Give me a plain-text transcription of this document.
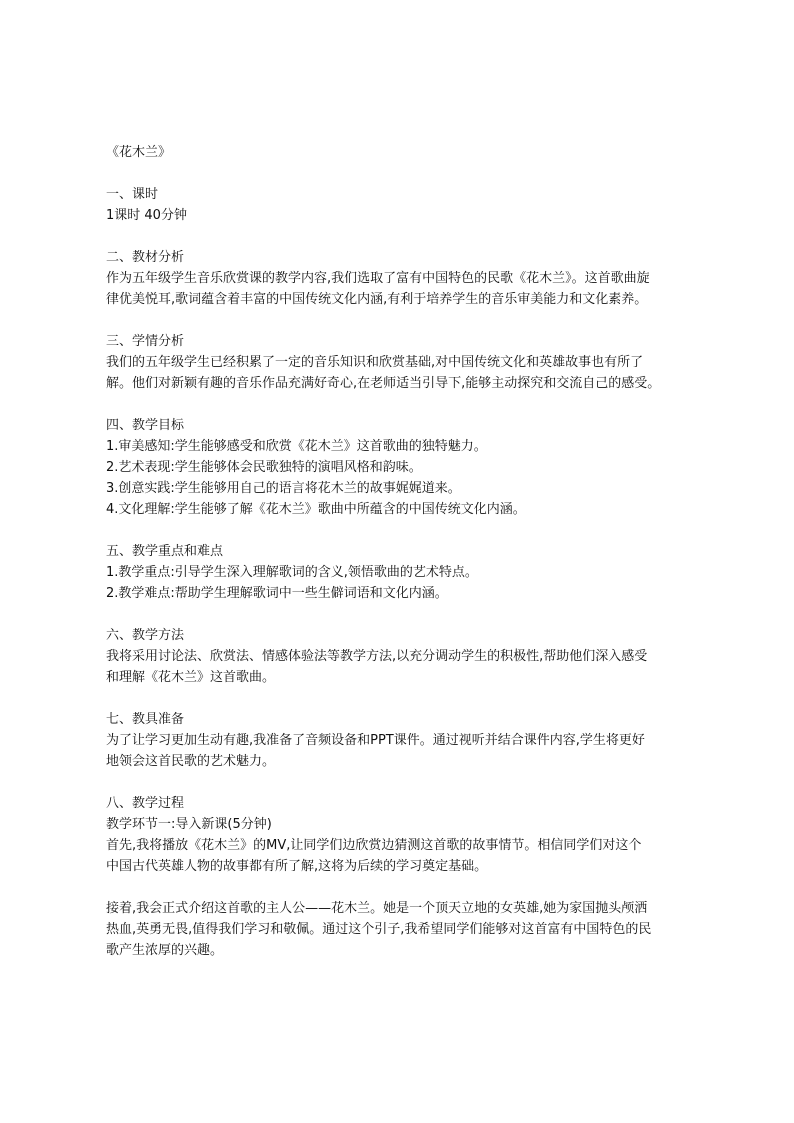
《花木兰》
一、课时

1课时 40分钟

二、教材分析

作为五年级学生音乐欣赏课的教学内容,我们选取了富有中国特色的民歌《花木兰》。这首歌曲旋

律优美悦耳,歌词蕴含着丰富的中国传统文化内涵,有利于培养学生的音乐审美能力和文化素养。

三、学情分析

我们的五年级学生已经积累了一定的音乐知识和欣赏基础,对中国传统文化和英雄故事也有所了

解。他们对新颖有趣的音乐作品充满好奇心,在老师适当引导下,能够主动探究和交流自己的感受。

四、教学目标

1.审美感知:学生能够感受和欣赏《花木兰》这首歌曲的独特魅力。

2.艺术表现:学生能够体会民歌独特的演唱风格和韵味。

3.创意实践:学生能够用自己的语言将花木兰的故事娓娓道来。

4.文化理解:学生能够了解《花木兰》歌曲中所蕴含的中国传统文化内涵。

五、教学重点和难点

1.教学重点:引导学生深入理解歌词的含义,领悟歌曲的艺术特点。

2.教学难点:帮助学生理解歌词中一些生僻词语和文化内涵。

六、教学方法

我将采用讨论法、欣赏法、情感体验法等教学方法,以充分调动学生的积极性,帮助他们深入感受

和理解《花木兰》这首歌曲。

七、教具准备

为了让学习更加生动有趣,我准备了音频设备和PPT课件。通过视听并结合课件内容,学生将更好

地领会这首民歌的艺术魅力。

八、教学过程

教学环节一:导入新课(5分钟)

首先,我将播放《花木兰》的MV,让同学们边欣赏边猜测这首歌的故事情节。相信同学们对这个

中国古代英雄人物的故事都有所了解,这将为后续的学习奠定基础。

接着,我会正式介绍这首歌的主人公——花木兰。她是一个顶天立地的女英雄,她为家国抛头颅洒

热血,英勇无畏,值得我们学习和敬佩。通过这个引子,我希望同学们能够对这首富有中国特色的民

歌产生浓厚的兴趣。
